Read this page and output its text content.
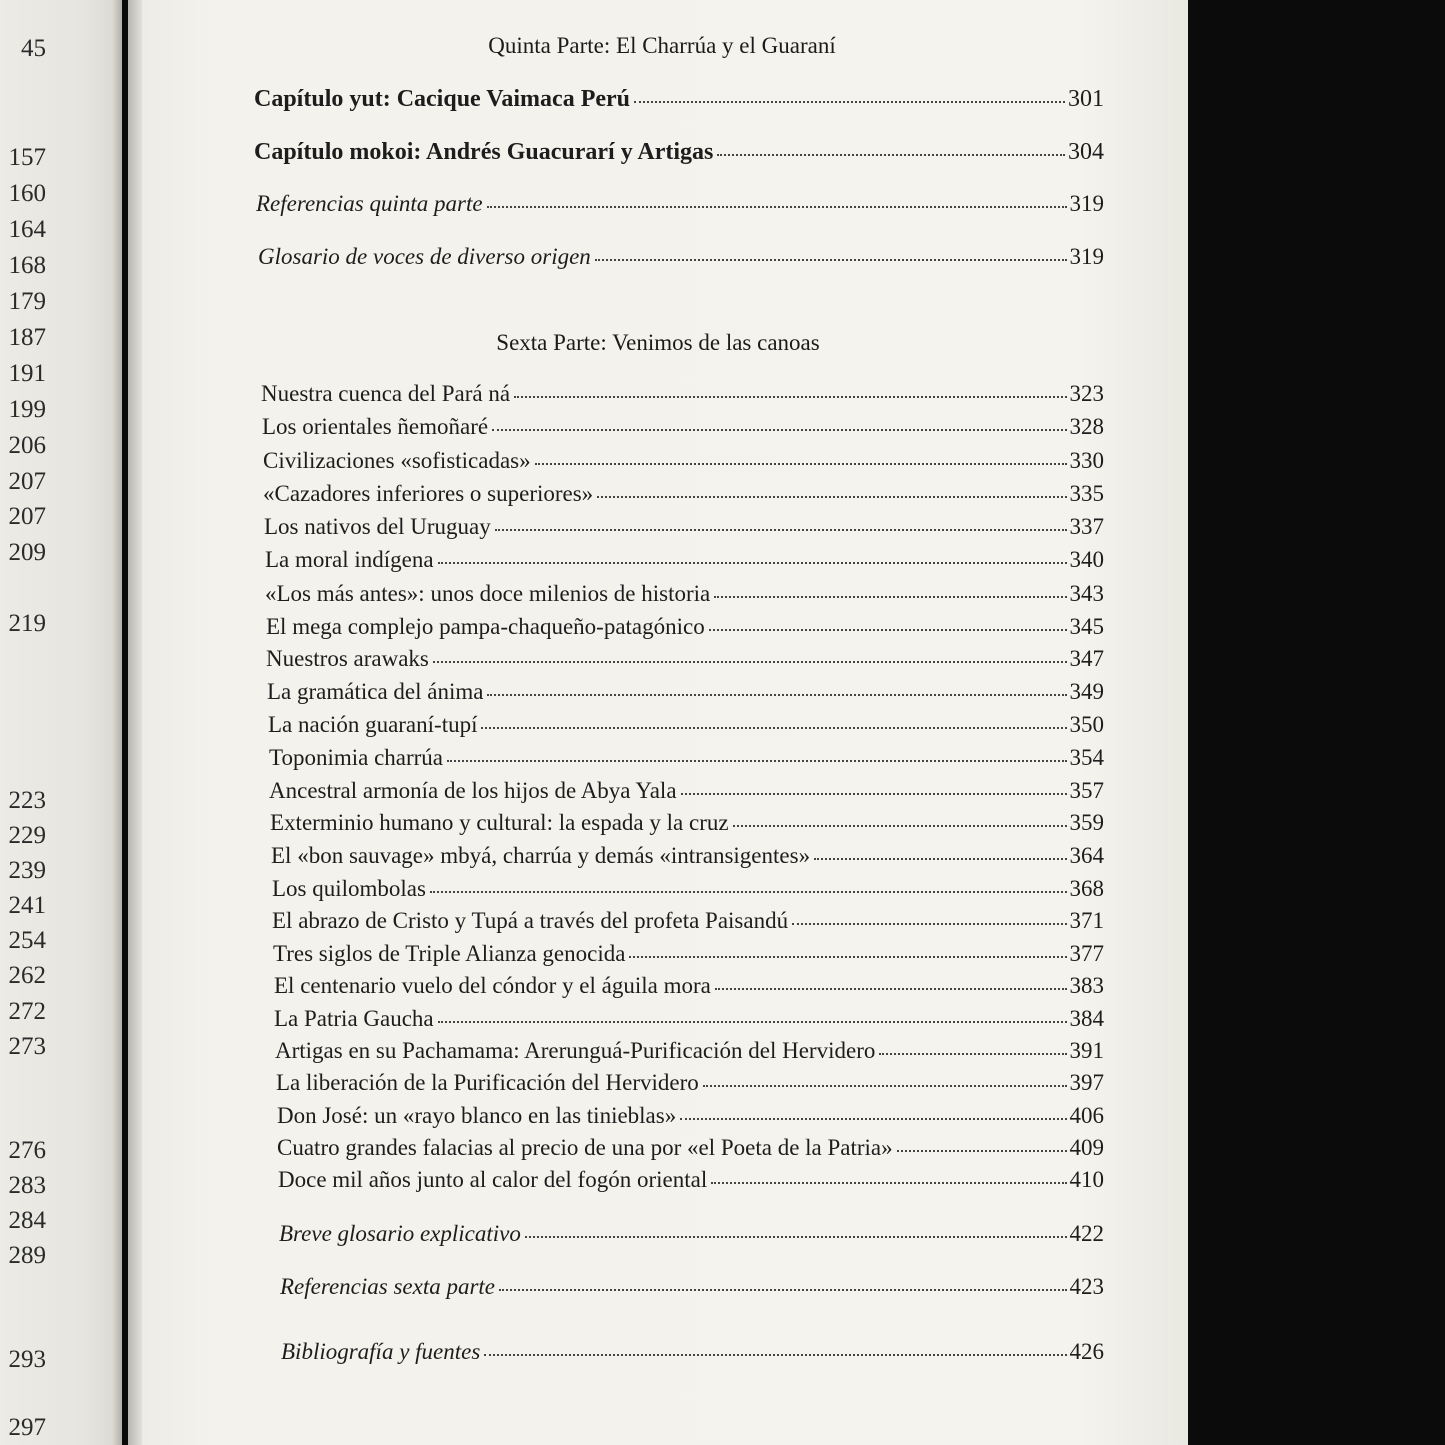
45
157
160
164
168
179
187
191
199
206
207
207
209
219
223
229
239
241
254
262
272
273
276
283
284
289
293
297
Quinta Parte: El Charrúa y el Guaraní
Capítulo yut: Cacique Vaimaca Perú	301
Capítulo mokoi: Andrés Guacurarí y Artigas	304
Referencias quinta parte	319
Glosario de voces de diverso origen	319
Sexta Parte: Venimos de las canoas
Nuestra cuenca del Pará ná	323
Los orientales ñemoñaré	328
Civilizaciones «sofisticadas»	330
«Cazadores inferiores o superiores»	335
Los nativos del Uruguay	337
La moral indígena	340
«Los más antes»: unos doce milenios de historia	343
El mega complejo pampa-chaqueño-patagónico	345
Nuestros arawaks	347
La gramática del ánima	349
La nación guaraní-tupí	350
Toponimia charrúa	354
Ancestral armonía de los hijos de Abya Yala	357
Exterminio humano y cultural: la espada y la cruz	359
El «bon sauvage» mbyá, charrúa y demás «intransigentes»	364
Los quilombolas	368
El abrazo de Cristo y Tupá a través del profeta Paisandú	371
Tres siglos de Triple Alianza genocida	377
El centenario vuelo del cóndor y el águila mora	383
La Patria Gaucha	384
Artigas en su Pachamama: Arerunguá-Purificación del Hervidero	391
La liberación de la Purificación del Hervidero	397
Don José: un «rayo blanco en las tinieblas»	406
Cuatro grandes falacias al precio de una por «el Poeta de la Patria»	409
Doce mil años junto al calor del fogón oriental	410
Breve glosario explicativo	422
Referencias sexta parte	423
Bibliografía y fuentes	426
